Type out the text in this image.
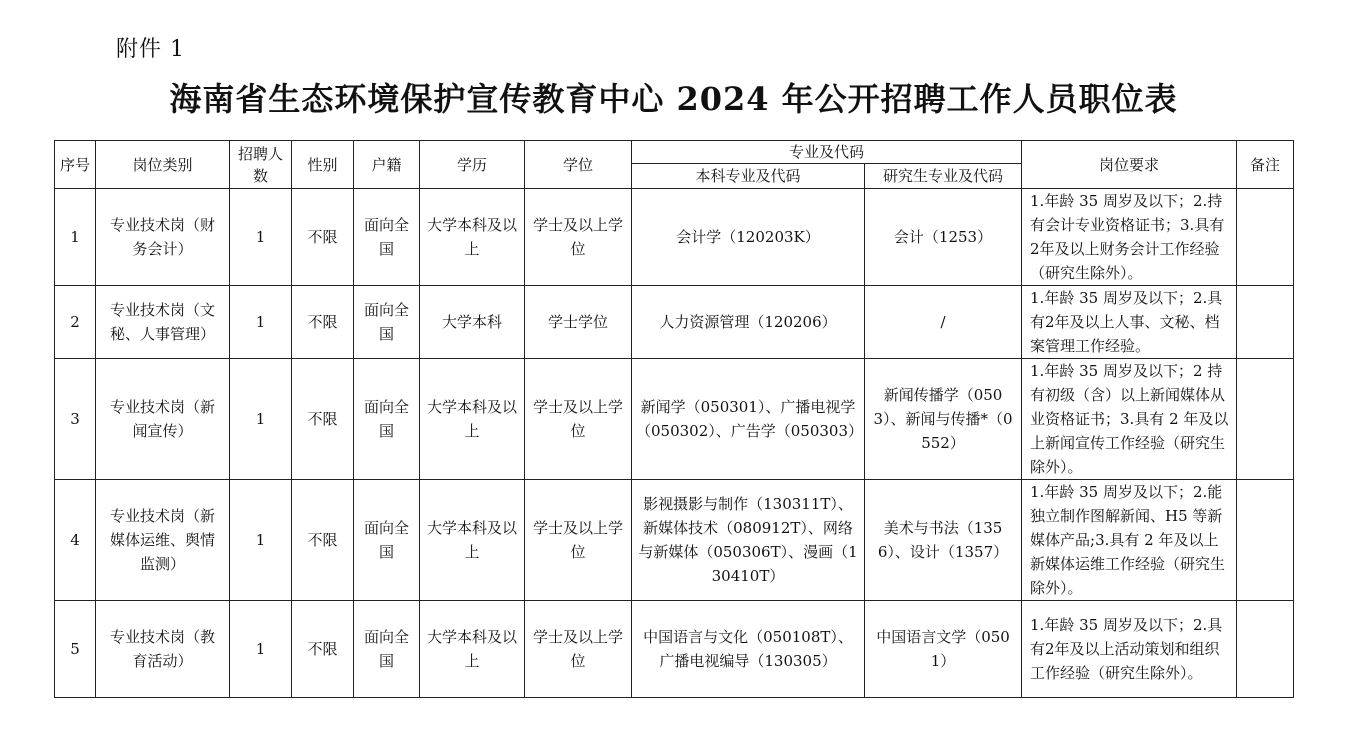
附件 1
海南省生态环境保护宣传教育中心 2024 年公开招聘工作人员职位表
序号	岗位类别	招聘人数	性别	户籍	学历	学位	专业及代码		岗位要求	备注
							本科专业及代码	研究生专业及代码		
1	专业技术岗（财务会计）	1	不限	面向全国	大学本科及以上	学士及以上学位	会计学（120203K）	会计（1253）	1.年龄 35 周岁及以下；2.持有会计专业资格证书；3.具有2年及以上财务会计工作经验（研究生除外）。	
2	专业技术岗（文秘、人事管理）	1	不限	面向全国	大学本科	学士学位	人力资源管理（120206）	/	1.年龄 35 周岁及以下；2.具有2年及以上人事、文秘、档案管理工作经验。	
3	专业技术岗（新闻宣传）	1	不限	面向全国	大学本科及以上	学士及以上学位	新闻学（050301）、广播电视学（050302）、广告学（050303）	新闻传播学（0503）、新闻与传播*（0552）	1.年龄 35 周岁及以下；2 持有初级（含）以上新闻媒体从业资格证书；3.具有 2 年及以上新闻宣传工作经验（研究生除外）。	
4	专业技术岗（新媒体运维、舆情监测）	1	不限	面向全国	大学本科及以上	学士及以上学位	影视摄影与制作（130311T）、新媒体技术（080912T）、网络与新媒体（050306T）、漫画（130410T）	美术与书法（1356）、设计（1357）	1.年龄 35 周岁及以下；2.能独立制作图解新闻、H5 等新媒体产品;3.具有 2 年及以上新媒体运维工作经验（研究生除外）。	
5	专业技术岗（教育活动）	1	不限	面向全国	大学本科及以上	学士及以上学位	中国语言与文化（050108T）、广播电视编导（130305）	中国语言文学（0501）	1.年龄 35 周岁及以下；2.具有2年及以上活动策划和组织工作经验（研究生除外）。	
